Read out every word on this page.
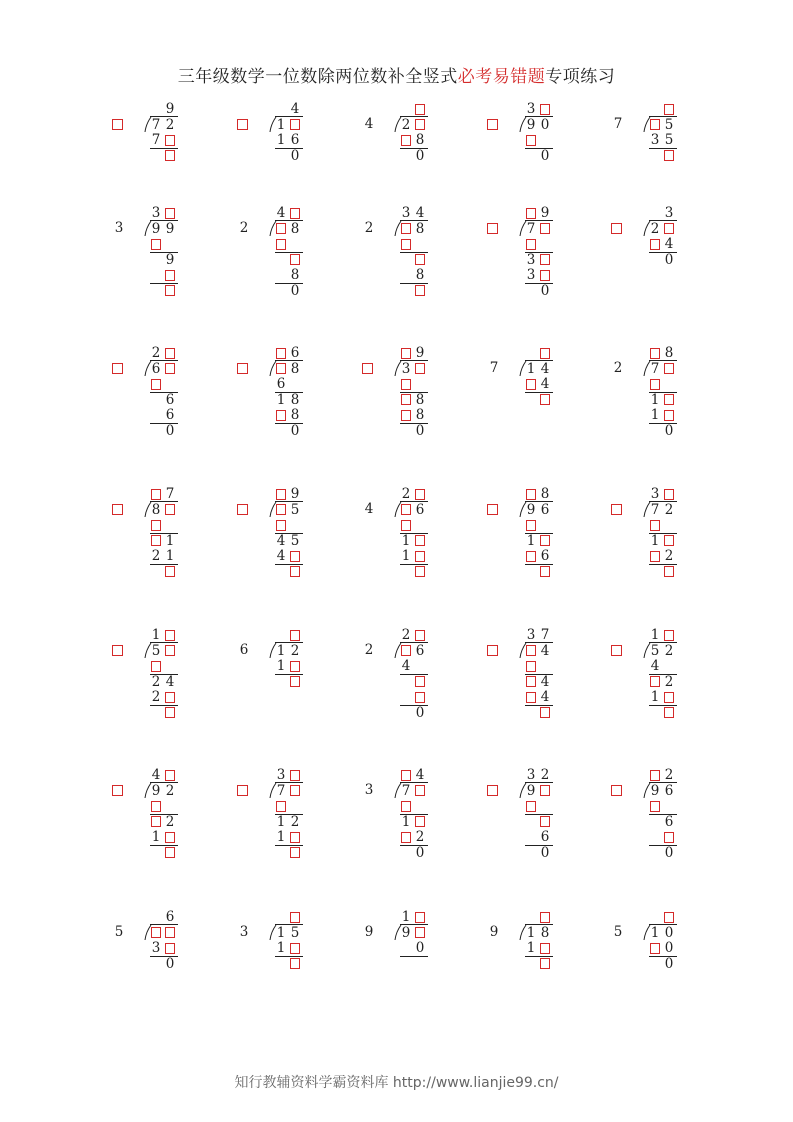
三年级数学一位数除两位数补全竖式必考易错题专项练习
9
7 2
7
4
1
1 6
0
4	2
8
0
3
9 0
0
7	5
3 5
3
3
9 9
9
2
4
8
8
0
2
3 4
8
8
9
7
3
3
0
3
2
4
0
2
6
6
6
0
6
8
6
1 8
8
0
9
3
8
8
0
7	1 4
4
2
8
7
1
1
0
7
8
1
2 1
9
5
4 5
4
4
2
6
1
1
8
9 6
1
6
3
7 2
1
2
1
5
2 4
2
6	1 2
1
2
2
6
4
0
3 7
4
4
4
1
5 2
4
2
1
4
9 2
2
1
3
7
1 2
1
3
4
7
1
2
0
3 2
9
6
0
2
9 6
6
0
5
6
3
0
3	1 5
1
9
1
9
0
9	1 8
1
5	1 0
0
0
知行教辅资料学霸资料库 http://www.lianjie99.cn/
